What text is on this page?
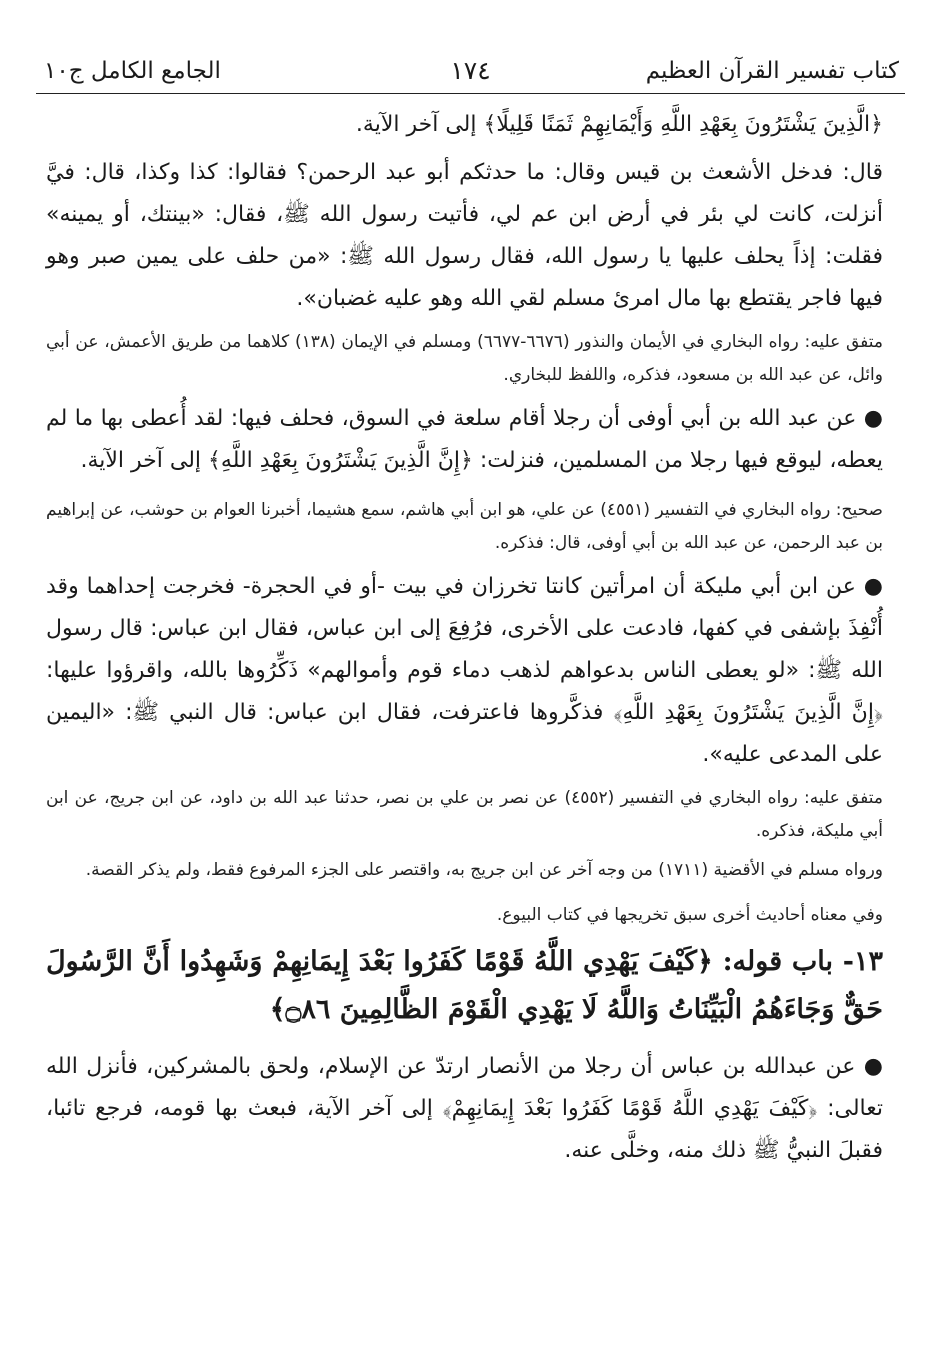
كتاب تفسير القرآن العظيم
١٧٤
الجامع الكامل ج١٠

﴿الَّذِينَ يَشْتَرُونَ بِعَهْدِ اللَّهِ وَأَيْمَانِهِمْ ثَمَنًا قَلِيلًا﴾ إلى آخر الآية.

قال: فدخل الأشعث بن قيس وقال: ما حدثكم أبو عبد الرحمن؟ فقالوا: كذا وكذا، قال: فيَّ أنزلت، كانت لي بئر في أرض ابن عم لي، فأتيت رسول الله ﷺ، فقال: «بينتك، أو يمينه» فقلت: إذاً يحلف عليها يا رسول الله، فقال رسول الله ﷺ: «من حلف على يمين صبر وهو فيها فاجر يقتطع بها مال امرئ مسلم لقي الله وهو عليه غضبان».

متفق عليه: رواه البخاري في الأيمان والنذور (٦٦٧٦-٦٦٧٧) ومسلم في الإيمان (١٣٨) كلاهما من طريق الأعمش، عن أبي وائل، عن عبد الله بن مسعود، فذكره، واللفظ للبخاري.

● عن عبد الله بن أبي أوفى أن رجلا أقام سلعة في السوق، فحلف فيها: لقد أُعطى بها ما لم يعطه، ليوقع فيها رجلا من المسلمين، فنزلت: ﴿إِنَّ الَّذِينَ يَشْتَرُونَ بِعَهْدِ اللَّهِ﴾ إلى آخر الآية.

صحيح: رواه البخاري في التفسير (٤٥٥١) عن علي، هو ابن أبي هاشم، سمع هشيما، أخبرنا العوام بن حوشب، عن إبراهيم بن عبد الرحمن، عن عبد الله بن أبي أوفى، قال: فذكره.

● عن ابن أبي مليكة أن امرأتين كانتا تخرزان في بيت -أو في الحجرة- فخرجت إحداهما وقد أُنْفِذَ بإشفى في كفها، فادعت على الأخرى، فرُفِعَ إلى ابن عباس، فقال ابن عباس: قال رسول الله ﷺ: «لو يعطى الناس بدعواهم لذهب دماء قوم وأموالهم» ذَكِّرُوها بالله، واقرؤوا عليها: ﴿إِنَّ الَّذِينَ يَشْتَرُونَ بِعَهْدِ اللَّهِ﴾ فذكَّروها فاعترفت، فقال ابن عباس: قال النبي ﷺ: «اليمين على المدعى عليه».

متفق عليه: رواه البخاري في التفسير (٤٥٥٢) عن نصر بن علي بن نصر، حدثنا عبد الله بن داود، عن ابن جريج، عن ابن أبي مليكة، فذكره.

ورواه مسلم في الأقضية (١٧١١) من وجه آخر عن ابن جريج به، واقتصر على الجزء المرفوع فقط، ولم يذكر القصة.

وفي معناه أحاديث أخرى سبق تخريجها في كتاب البيوع.

١٣- باب قوله: ﴿كَيْفَ يَهْدِي اللَّهُ قَوْمًا كَفَرُوا بَعْدَ إِيمَانِهِمْ وَشَهِدُوا أَنَّ الرَّسُولَ حَقٌّ وَجَاءَهُمُ الْبَيِّنَاتُ وَاللَّهُ لَا يَهْدِي الْقَوْمَ الظَّالِمِينَ ۝٨٦﴾

● عن عبدالله بن عباس أن رجلا من الأنصار ارتدّ عن الإسلام، ولحق بالمشركين، فأنزل الله تعالى: ﴿كَيْفَ يَهْدِي اللَّهُ قَوْمًا كَفَرُوا بَعْدَ إِيمَانِهِمْ﴾ إلى آخر الآية، فبعث بها قومه، فرجع تائبا، فقبلَ النبيُّ ﷺ ذلك منه، وخلَّى عنه.
